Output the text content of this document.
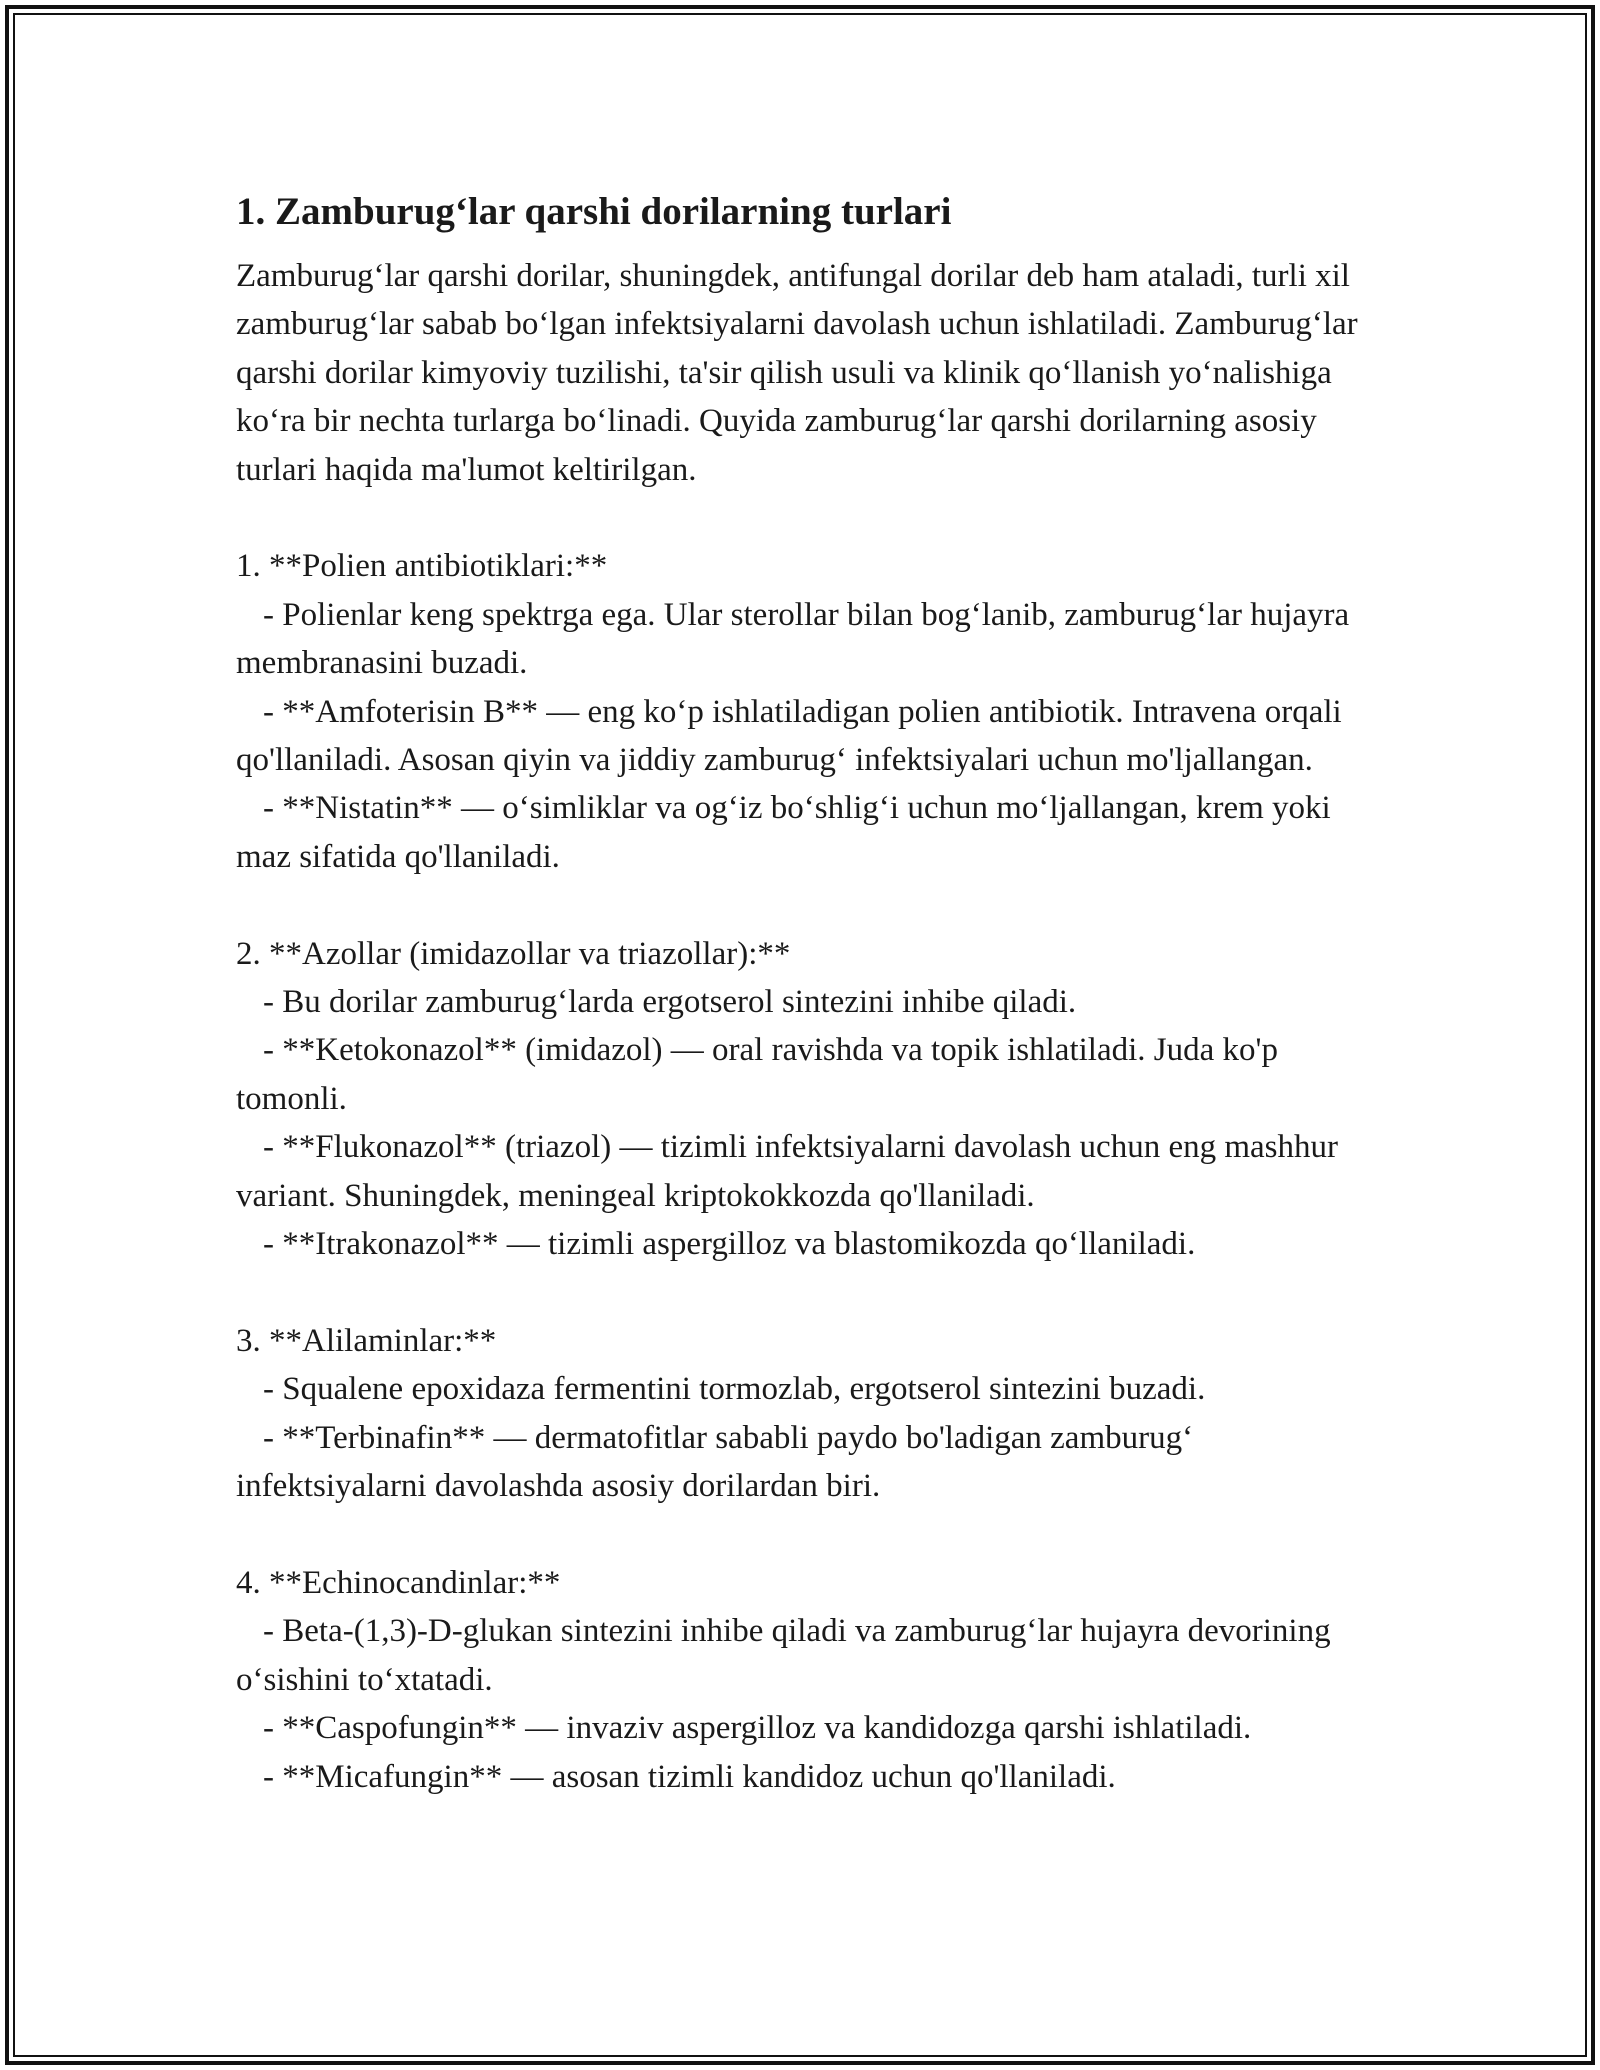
1. Zamburug‘lar qarshi dorilarning turlari

Zamburug‘lar qarshi dorilar, shuningdek, antifungal dorilar deb ham ataladi, turli xil zamburug‘lar sabab bo‘lgan infektsiyalarni davolash uchun ishlatiladi. Zamburug‘lar qarshi dorilar kimyoviy tuzilishi, ta'sir qilish usuli va klinik qo‘llanish yo‘nalishiga ko‘ra bir nechta turlarga bo‘linadi. Quyida zamburug‘lar qarshi dorilarning asosiy turlari haqida ma'lumot keltirilgan.

1. **Polien antibiotiklari:**

- Polienlar keng spektrga ega. Ular sterollar bilan bog‘lanib, zamburug‘lar hujayra membranasini buzadi.

- **Amfoterisin B** — eng ko‘p ishlatiladigan polien antibiotik. Intravena orqali qo'llaniladi. Asosan qiyin va jiddiy zamburug‘ infektsiyalari uchun mo'ljallangan.

- **Nistatin** — o‘simliklar va og‘iz bo‘shlig‘i uchun mo‘ljallangan, krem yoki maz sifatida qo'llaniladi.

2. **Azollar (imidazollar va triazollar):**

- Bu dorilar zamburug‘larda ergotserol sintezini inhibe qiladi.

- **Ketokonazol** (imidazol) — oral ravishda va topik ishlatiladi. Juda ko'p tomonli.

- **Flukonazol** (triazol) — tizimli infektsiyalarni davolash uchun eng mashhur variant. Shuningdek, meningeal kriptokokkozda qo'llaniladi.

- **Itrakonazol** — tizimli aspergilloz va blastomikozda qo‘llaniladi.

3. **Alilaminlar:**

- Squalene epoxidaza fermentini tormozlab, ergotserol sintezini buzadi.

- **Terbinafin** — dermatofitlar sababli paydo bo'ladigan zamburug‘ infektsiyalarni davolashda asosiy dorilardan biri.

4. **Echinocandinlar:**

- Beta-(1,3)-D-glukan sintezini inhibe qiladi va zamburug‘lar hujayra devorining o‘sishini to‘xtatadi.

- **Caspofungin** — invaziv aspergilloz va kandidozga qarshi ishlatiladi.

- **Micafungin** — asosan tizimli kandidoz uchun qo'llaniladi.
